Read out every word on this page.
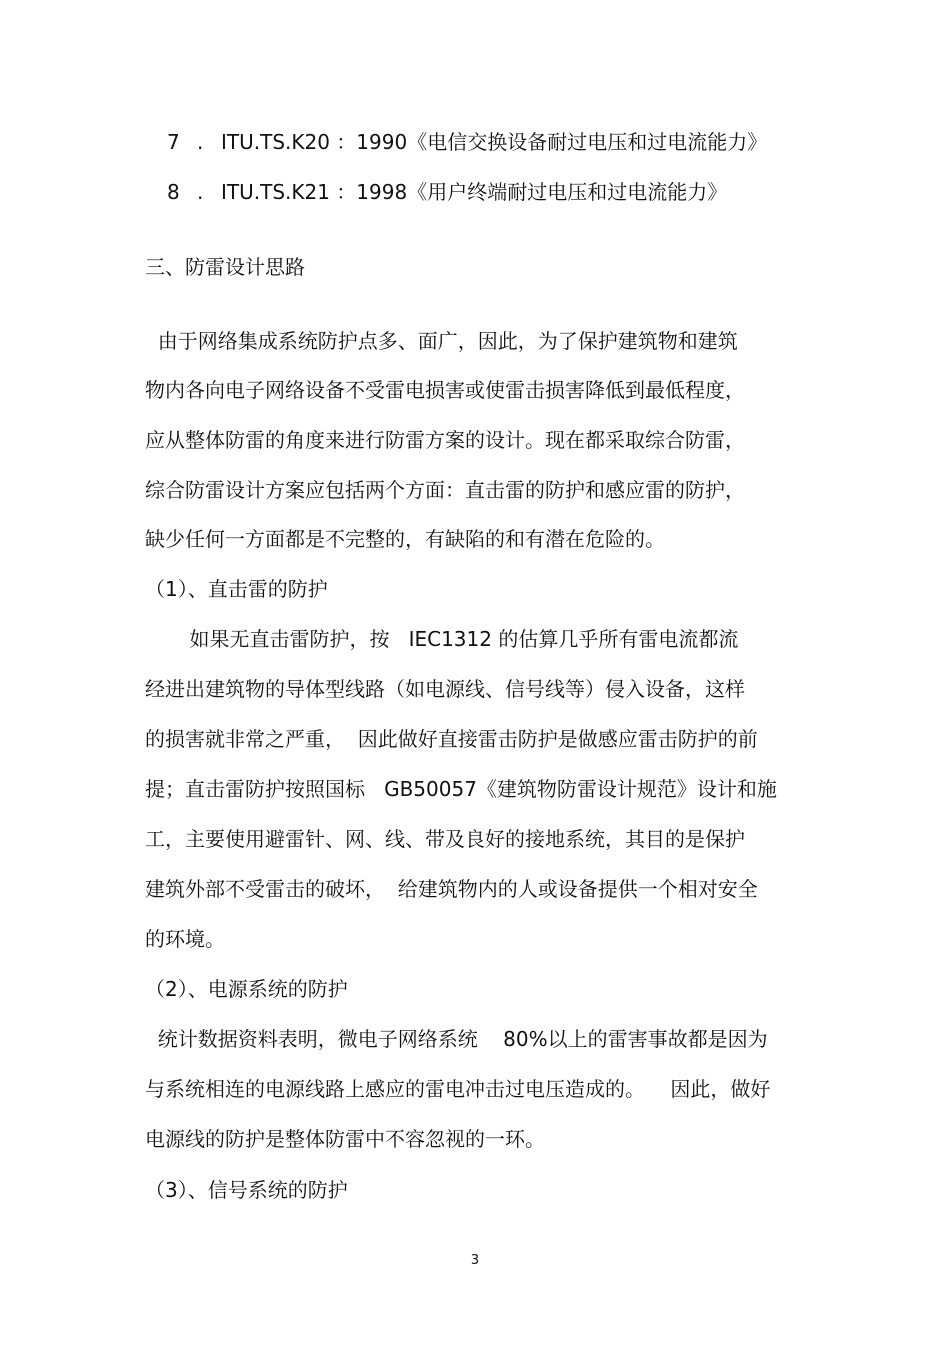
7 . ITU.TS.K20 ：1990《电信交换设备耐过电压和过电流能力》
8 . ITU.TS.K21 ：1998《用户终端耐过电压和过电流能力》
三、防雷设计思路
由于网络集成系统防护点多、面广，因此，为了保护建筑物和建筑
物内各向电子网络设备不受雷电损害或使雷击损害降低到最低程度，
应从整体防雷的角度来进行防雷方案的设计。现在都采取综合防雷，
综合防雷设计方案应包括两个方面：直击雷的防护和感应雷的防护，
缺少任何一方面都是不完整的，有缺陷的和有潜在危险的。
（1）、直击雷的防护
如果无直击雷防护，按   IEC1312 的估算几乎所有雷电流都流
经进出建筑物的导体型线路（如电源线、信号线等）侵入设备，这样
的损害就非常之严重，  因此做好直接雷击防护是做感应雷击防护的前
提；直击雷防护按照国标   GB50057《建筑物防雷设计规范》设计和施
工，主要使用避雷针、网、线、带及良好的接地系统，其目的是保护
建筑外部不受雷击的破坏，  给建筑物内的人或设备提供一个相对安全
的环境。
（2）、电源系统的防护
统计数据资料表明，微电子网络系统    80%以上的雷害事故都是因为
与系统相连的电源线路上感应的雷电冲击过电压造成的。    因此，做好
电源线的防护是整体防雷中不容忽视的一环。
（3）、信号系统的防护
3
